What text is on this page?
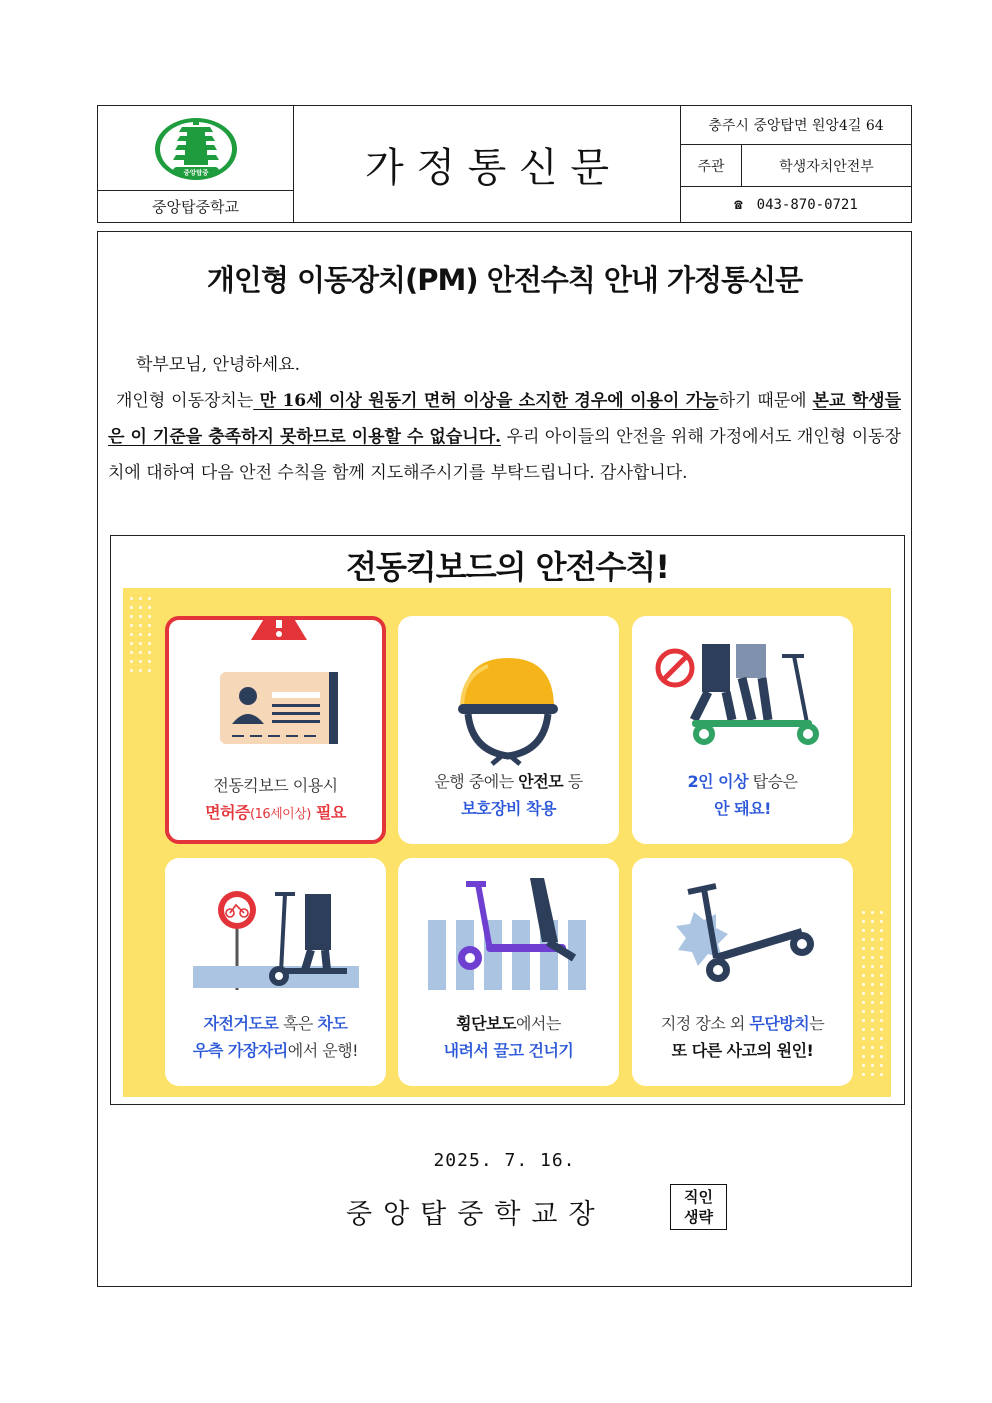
중앙탑중
중앙탑중학교
가 정 통 신 문
충주시 중앙탑면 원앙4길 64
주관	학생자치안전부
☎ 043-870-0721
개인형 이동장치(PM) 안전수칙 안내 가정통신문
학부모님, 안녕하세요.
개인형 이동장치는 만 16세 이상 원동기 면허 이상을 소지한 경우에 이용이 가능하기 때문에 본교 학생들은 이 기준을 충족하지 못하므로 이용할 수 없습니다. 우리 아이들의 안전을 위해 가정에서도 개인형 이동장치에 대하여 다음 안전 수칙을 함께 지도해주시기를 부탁드립니다. 감사합니다.
전동킥보드의 안전수칙!
전동킥보드 이용시
면허증(16세이상) 필요
운행 중에는 안전모 등
보호장비 착용
2인 이상 탑승은
안 돼요!
자전거도로 혹은 차도
우측 가장자리에서 운행!
횡단보도에서는
내려서 끌고 건너기
지정 장소 외 무단방치는
또 다른 사고의 원인!
2025. 7. 16.
중앙탑중학교장
직인
생략
